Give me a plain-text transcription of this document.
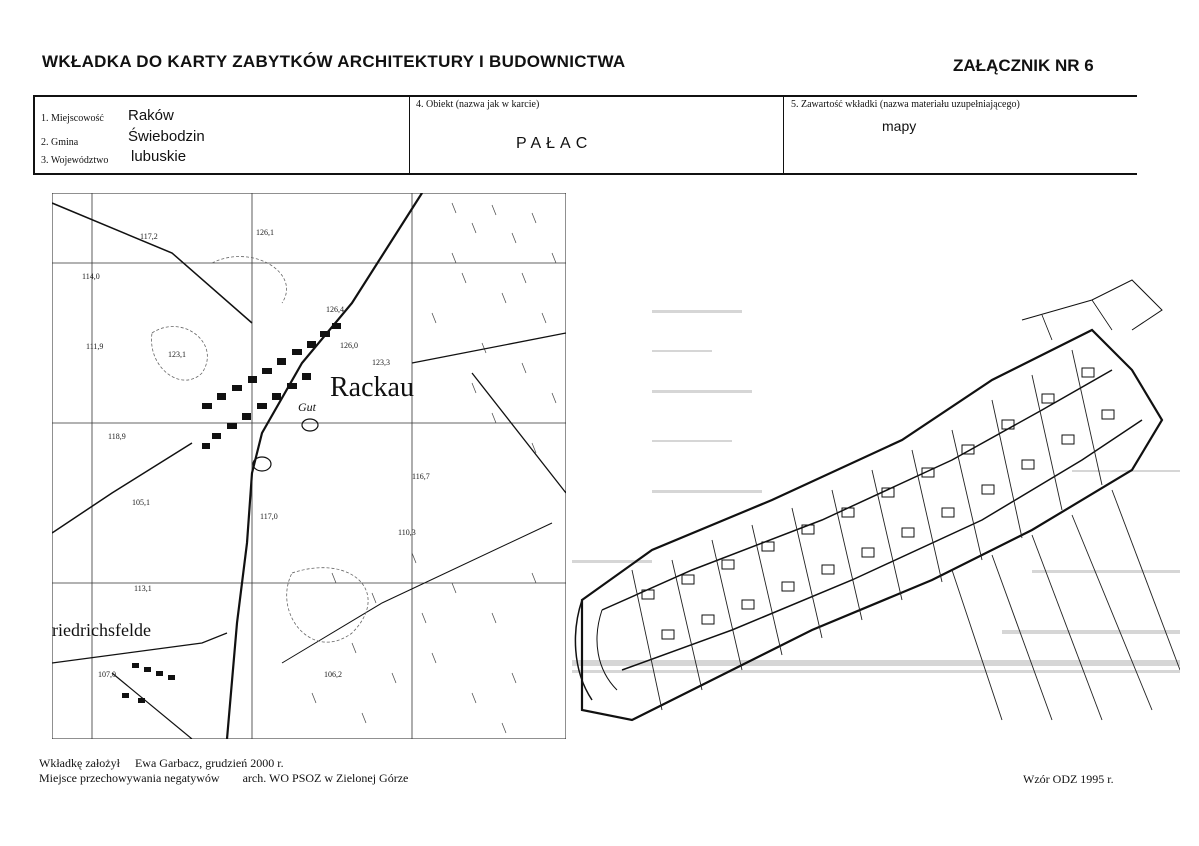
WKŁADKA DO KARTY ZABYTKÓW ARCHITEKTURY I BUDOWNICTWA	ZAŁĄCZNIK NR 6
1. Miejscowość Raków
2. Gmina	Świebodzin
3. Województwo lubuskie
4. Obiekt (nazwa jak w karcie)
PAŁAC
5. Zawartość wkładki (nazwa materiału uzupełniającego)
mapy
Rackau
Gut
riedrichsfelde
117,2	126,1
114,0
111,9
123,1
126,4
126,0
123,3
118,9
116,7
105,1
117,0
110,3
113,1
107,0	106,2
Wkładkę założył Ewa Garbacz, grudzień 2000 r.
Miejsce przechowywania negatywów arch. WO PSOZ w Zielonej Górze	Wzór ODZ 1995 r.
